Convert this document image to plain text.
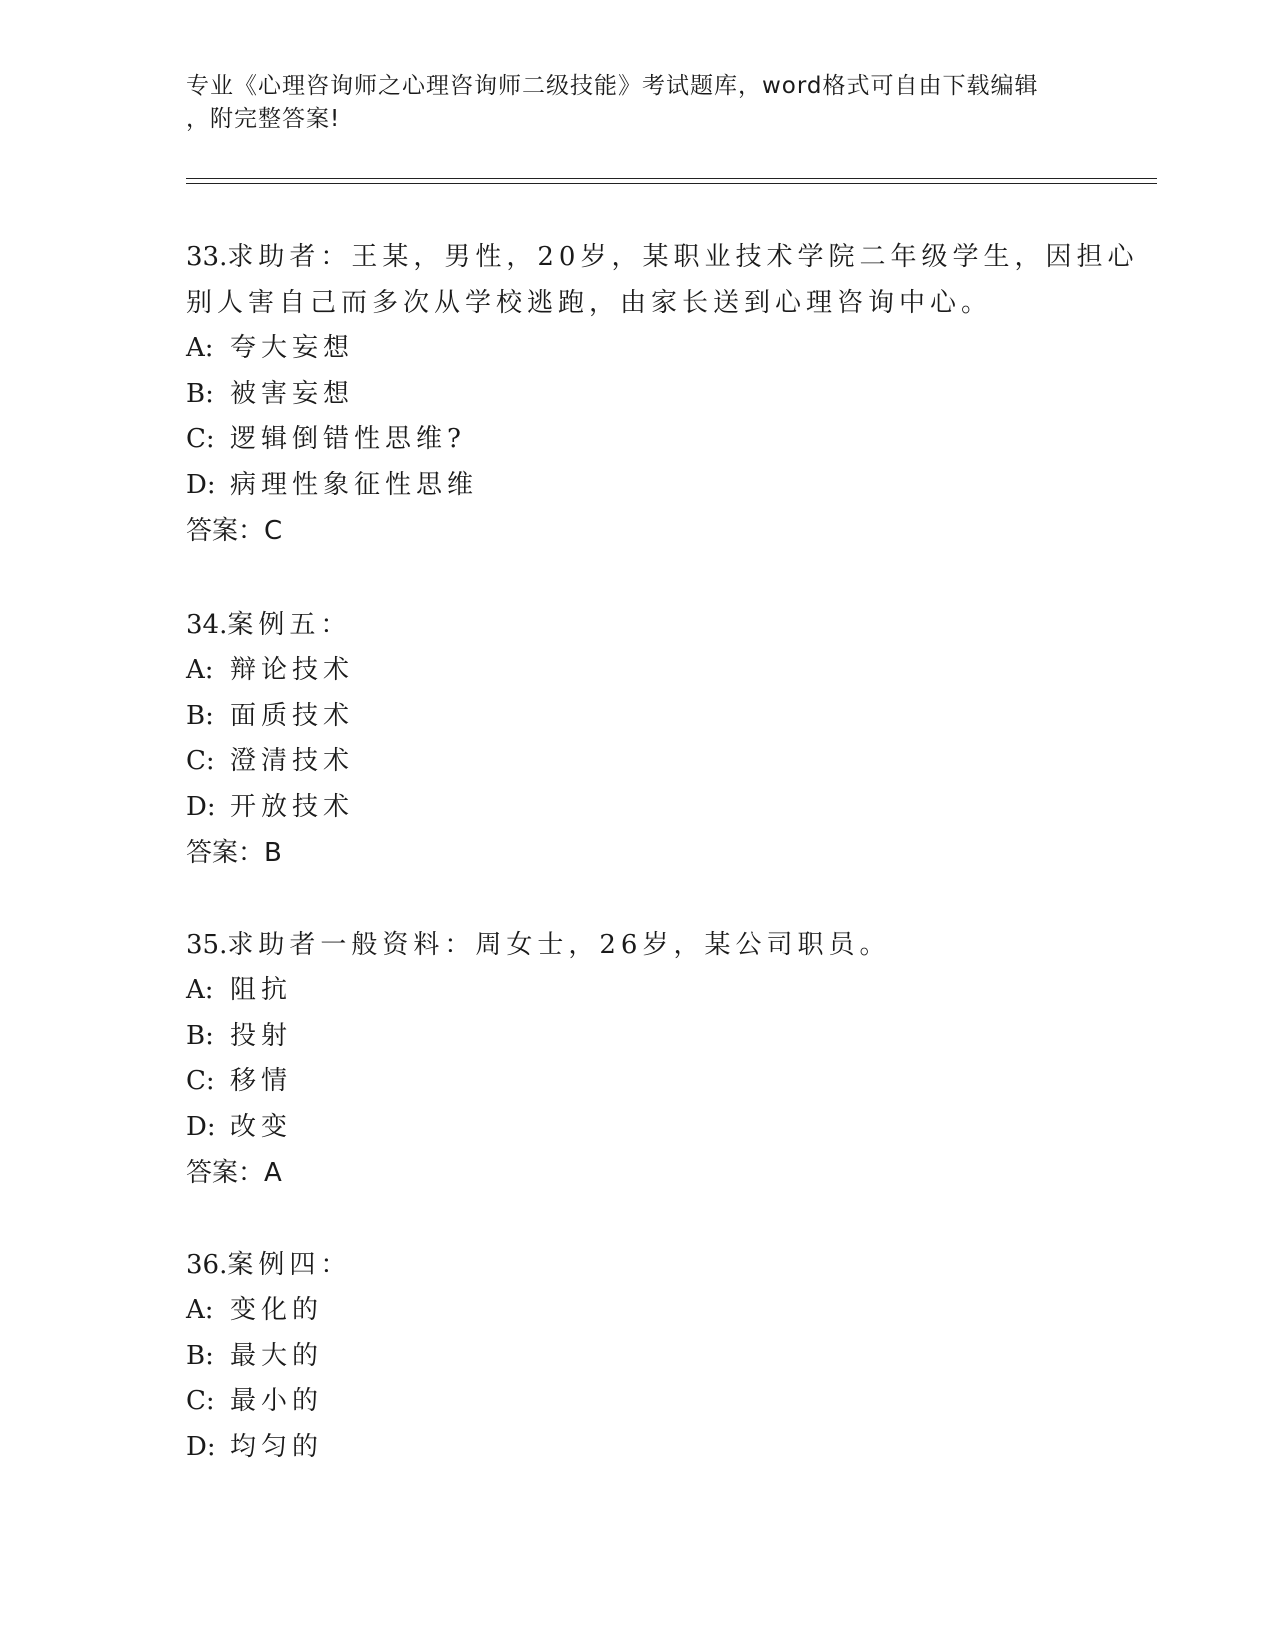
专业《心理咨询师之心理咨询师二级技能》考试题库，word格式可自由下载编辑
，附完整答案!
33.求助者：王某，男性，20岁，某职业技术学院二年级学生，因担心
别人害自己而多次从学校逃跑，由家长送到心理咨询中心。
A: 夸大妄想
B: 被害妄想
C: 逻辑倒错性思维?
D: 病理性象征性思维
答案：C
34.案例五：
A: 辩论技术
B: 面质技术
C: 澄清技术
D: 开放技术
答案：B
35.求助者一般资料：周女士，26岁，某公司职员。
A: 阻抗
B: 投射
C: 移情
D: 改变
答案：A
36.案例四：
A: 变化的
B: 最大的
C: 最小的
D: 均匀的
